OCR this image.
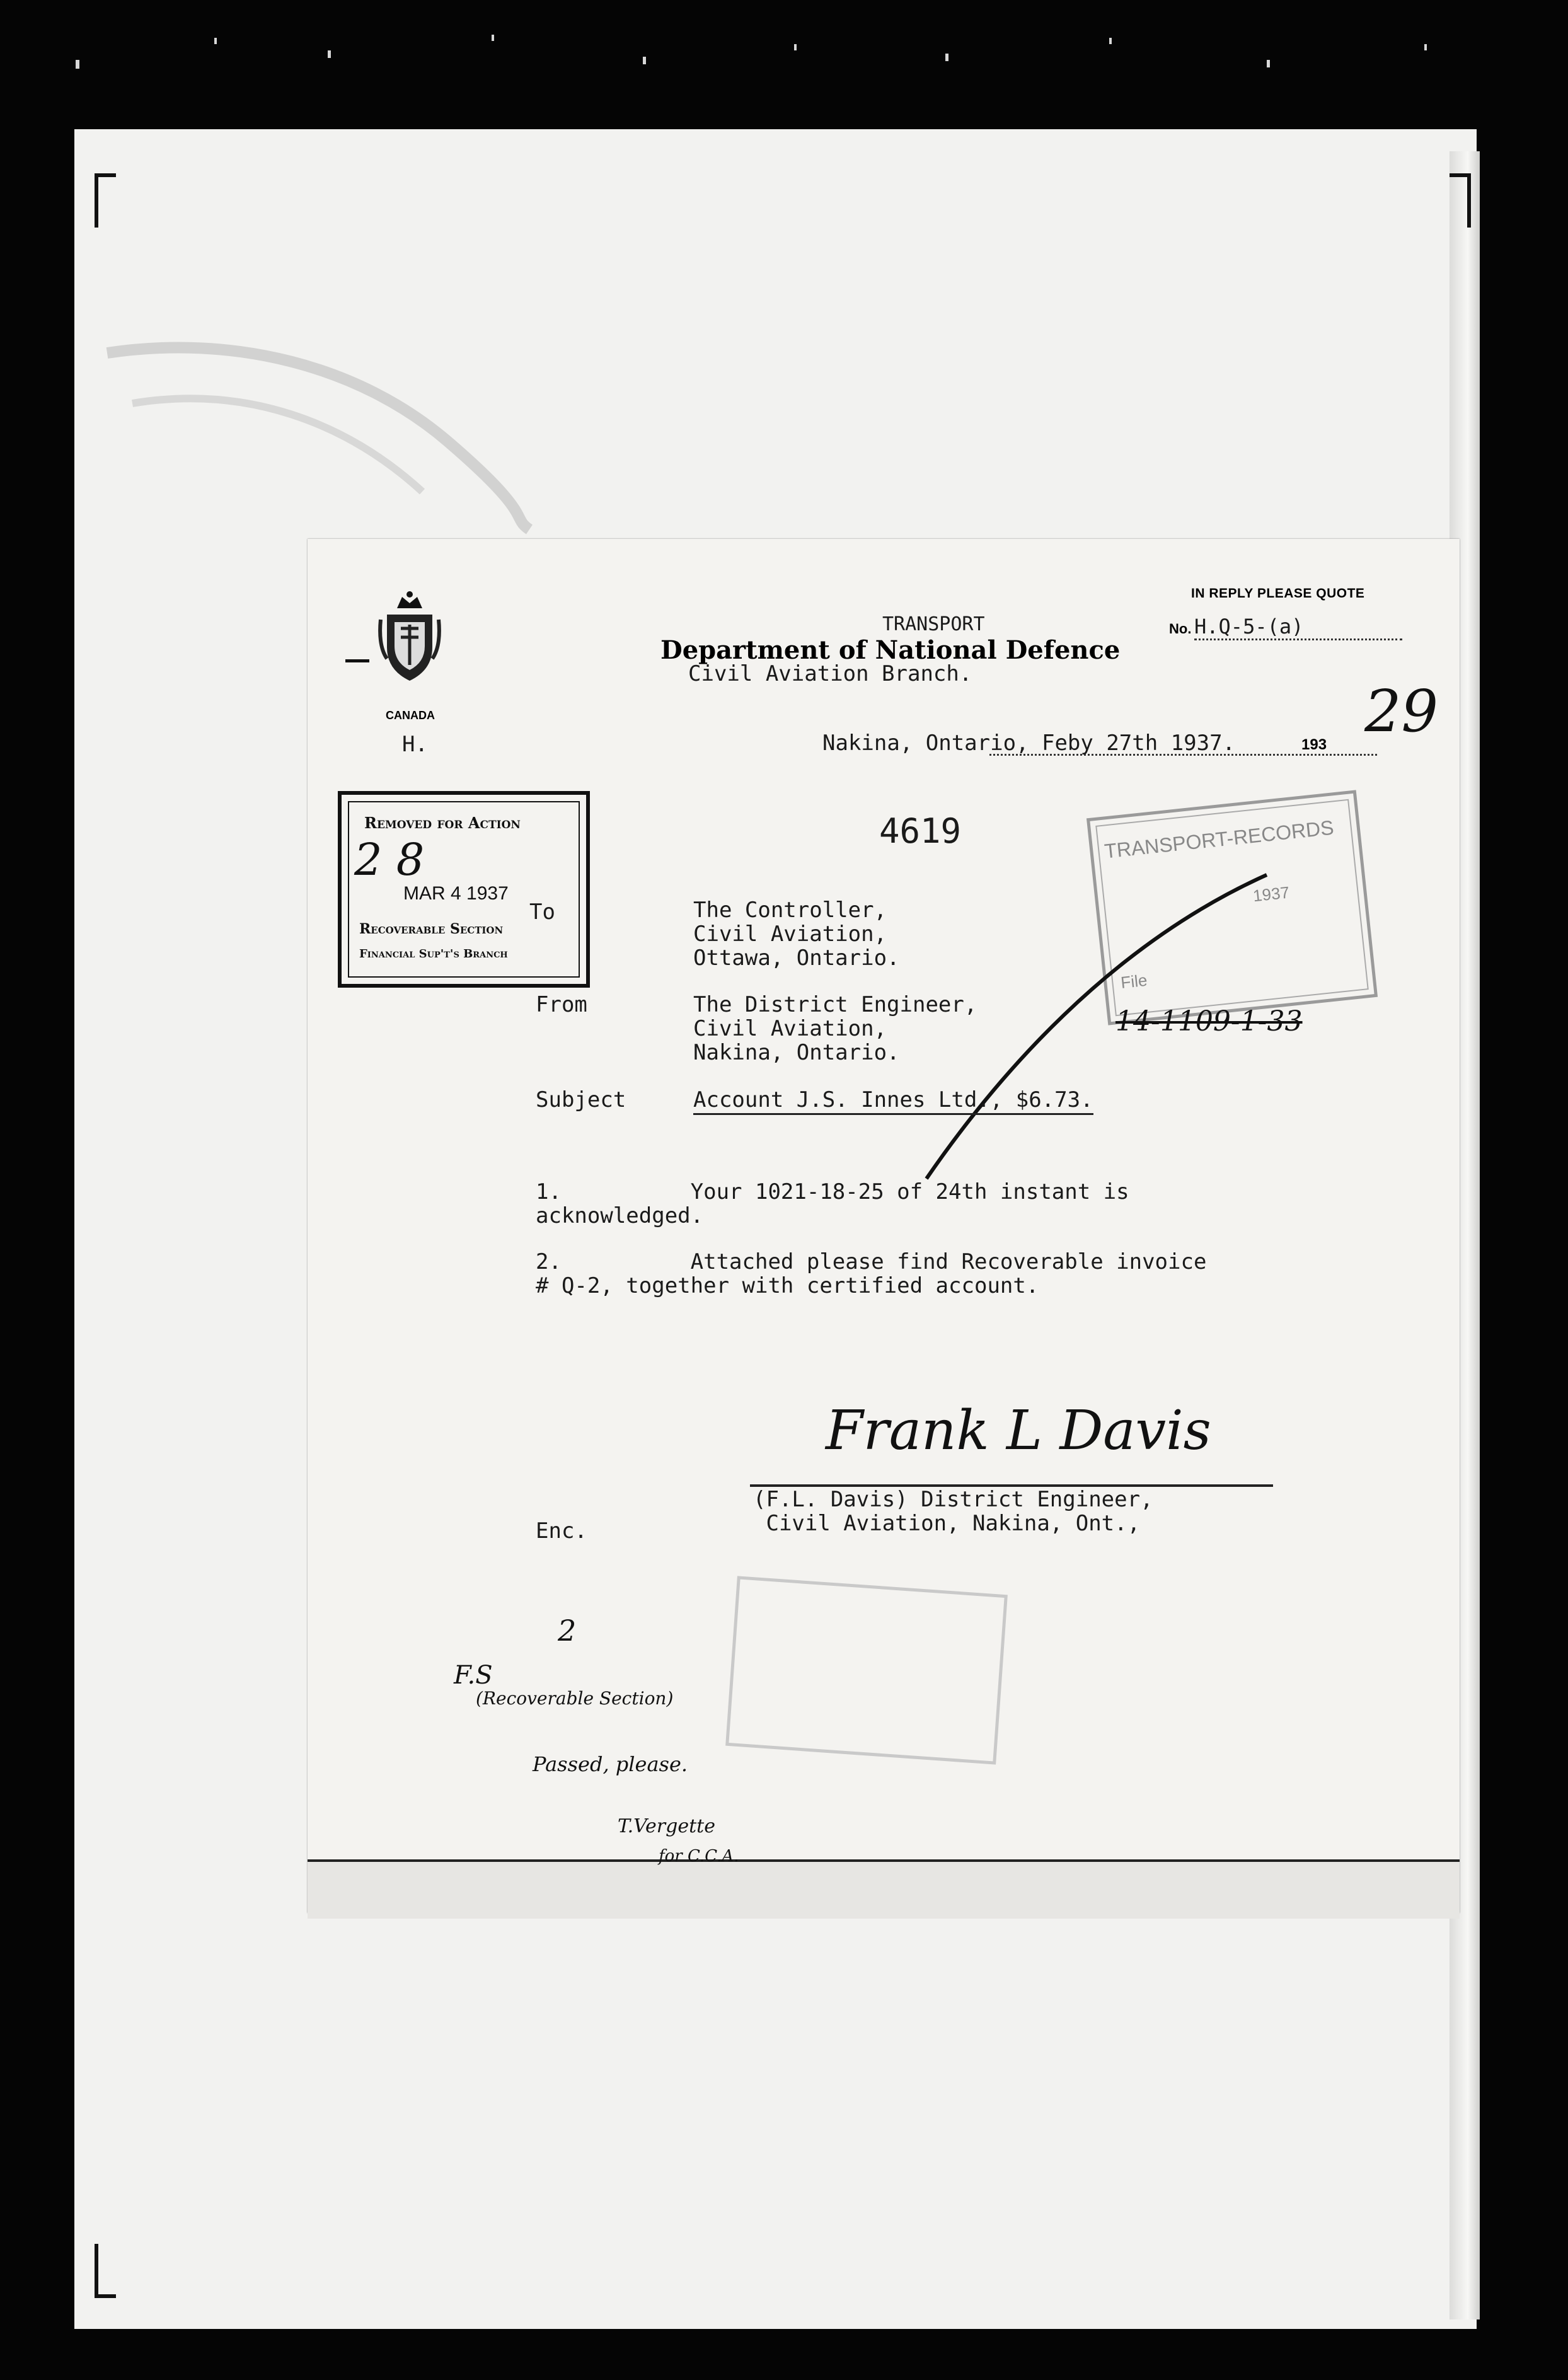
CANADA
TRANSPORT
Department of National Defence
Civil Aviation Branch.
IN REPLY PLEASE QUOTE
No. H.Q-5-(a)
H.	Nakina, Ontario, Feby 27th 1937.	193 29
Removed for Action
2 8
MAR 4 1937
Recoverable Section
Financial Sup't's Branch
4619	TRANSPORT-RECORDS
1937
File
To	The Controller,
Civil Aviation,
Ottawa, Ontario.
From	The District Engineer,
Civil Aviation,
Nakina, Ontario.
14-1109-1-33
Subject	Account J.S. Innes Ltd., $6.73.
1.          Your 1021-18-25 of 24th instant is
acknowledged.
2.          Attached please find Recoverable invoice
# Q-2, together with certified account.
Frank L Davis
(F.L. Davis) District Engineer,
Civil Aviation, Nakina, Ont.,
Enc.
2
F.S
(Recoverable Section)
Passed, please.
T.Vergette
for C.C.A.
